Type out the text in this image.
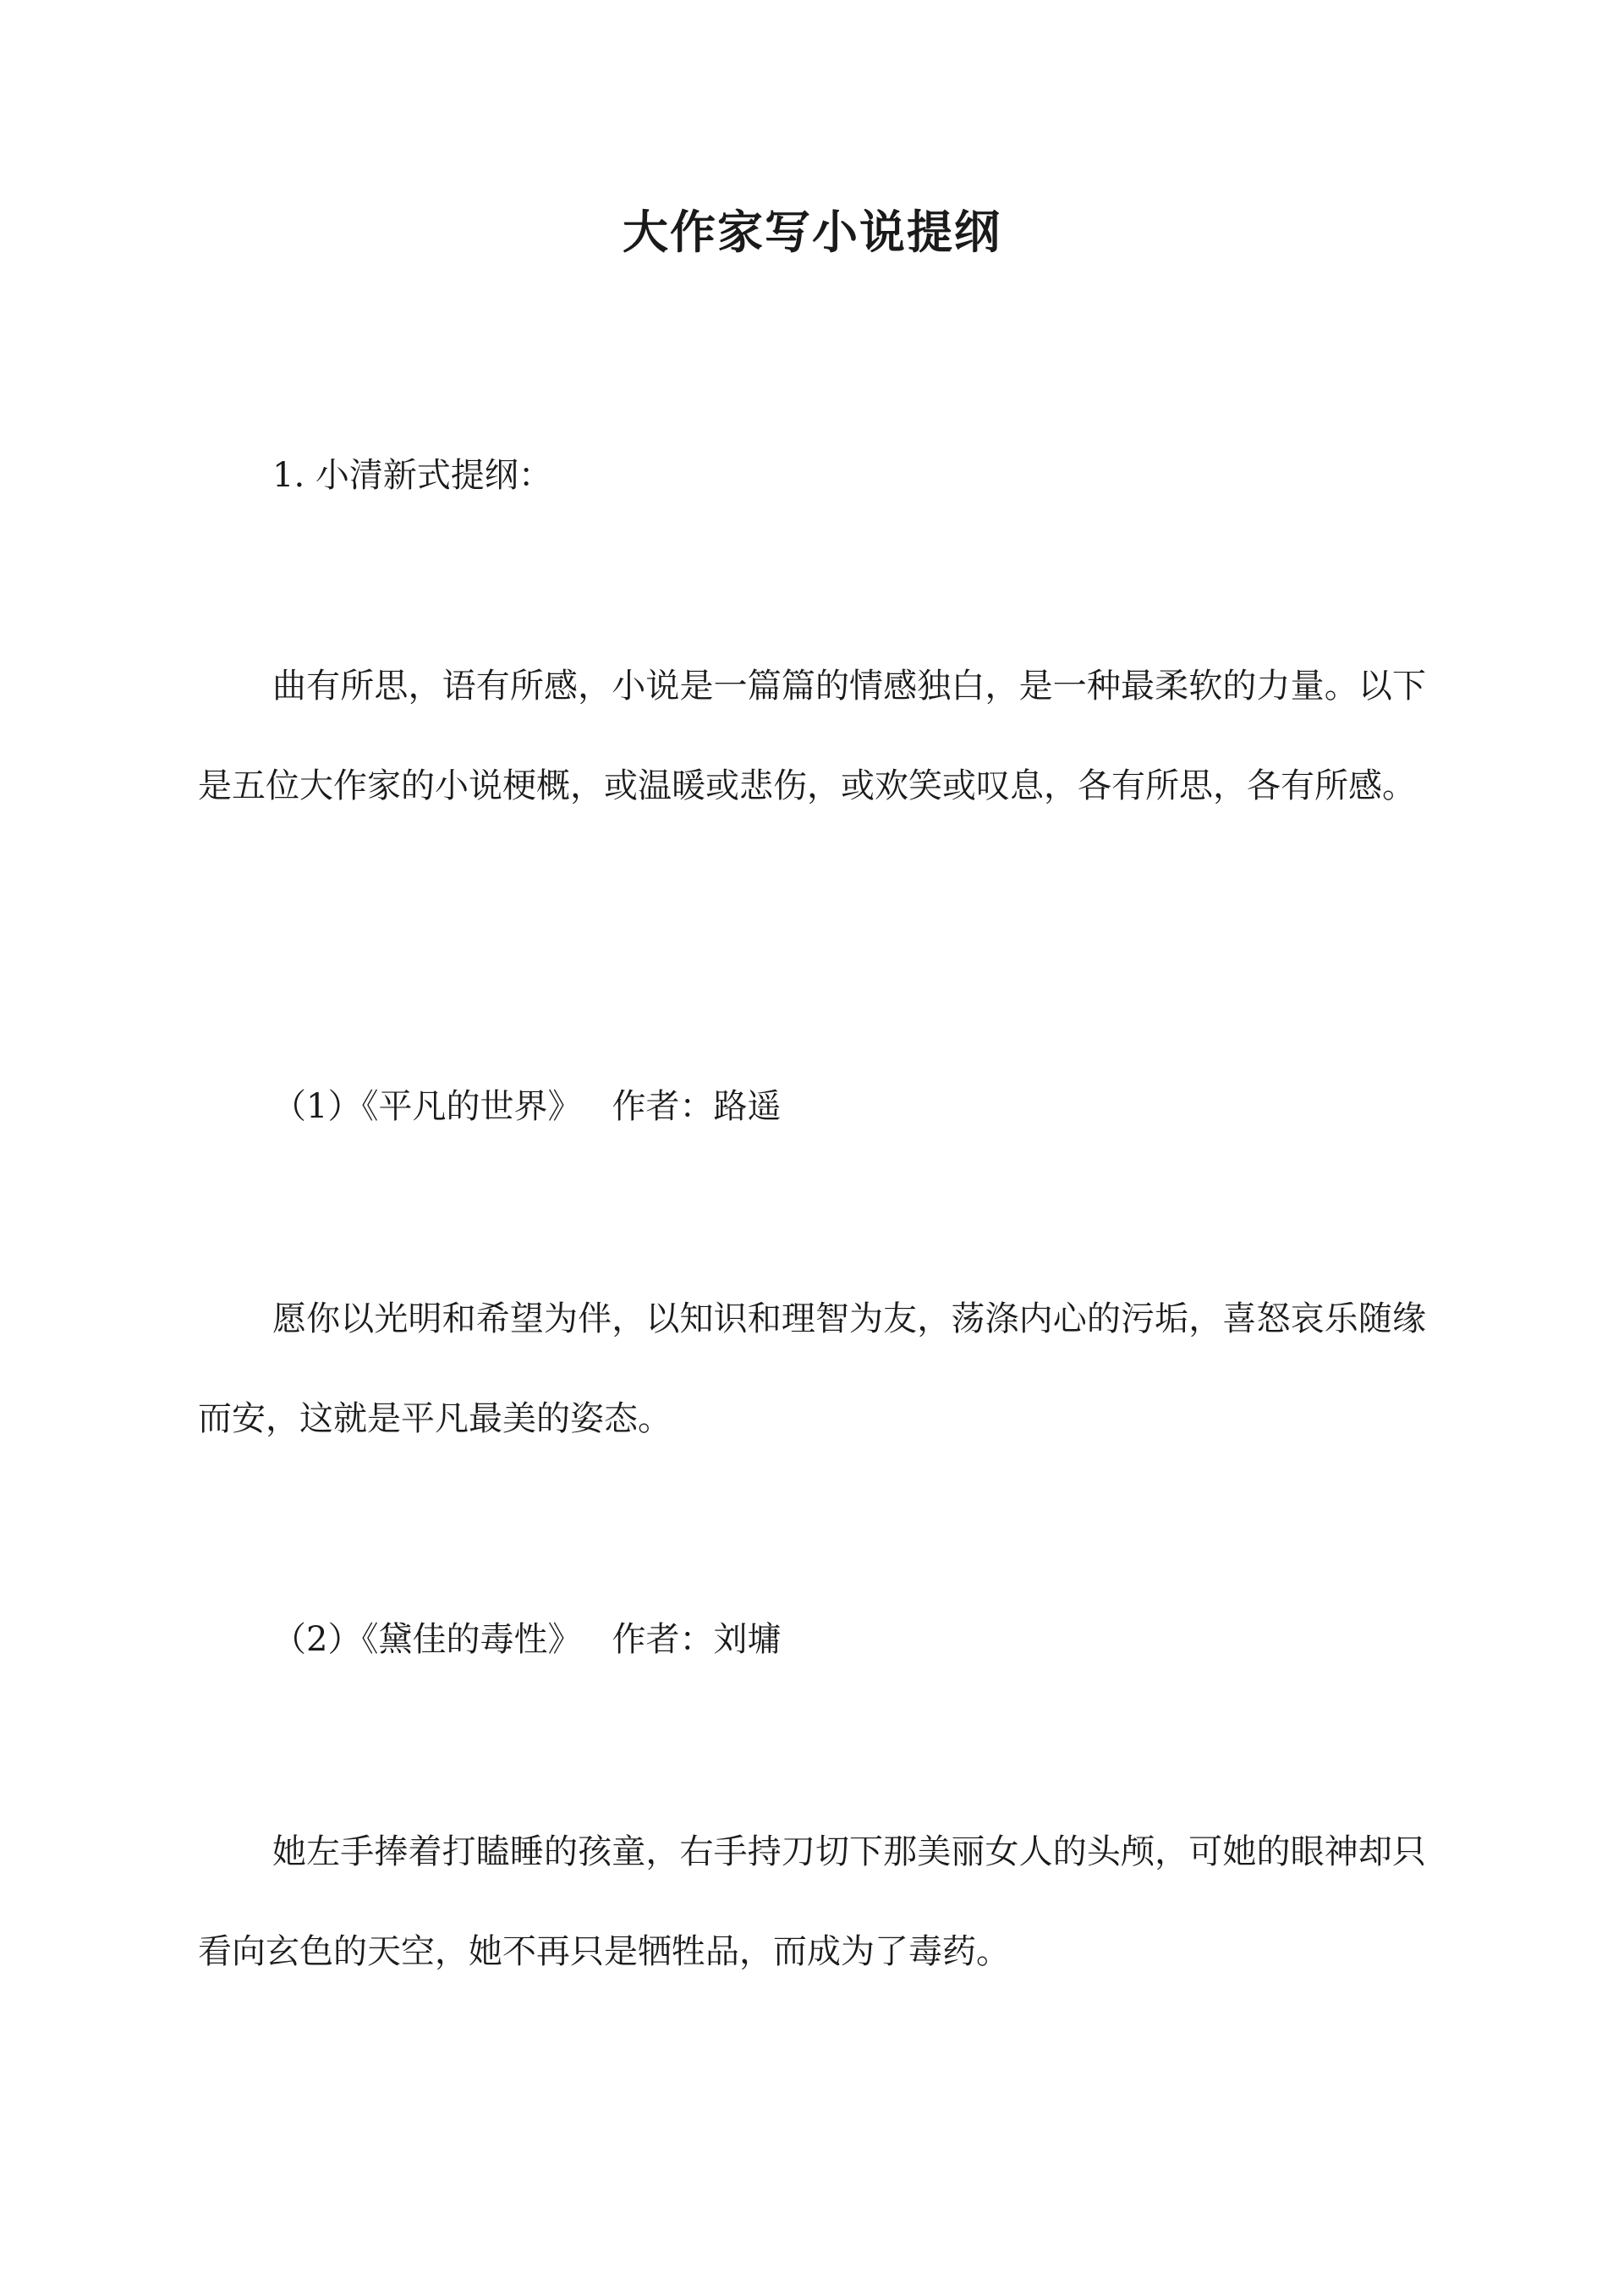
大作家写小说提纲

1. 小清新式提纲：

曲有所思，语有所感，小说是一篇篇的情感独白，是一种最柔软的力量。以下是五位大作家的小说梗概，或温暖或悲伤，或欢笑或叹息，各有所思，各有所感。

（1）《平凡的世界》 作者：路遥

愿你以光明和希望为伴，以知识和理智为友，荡涤内心的污垢，喜怒哀乐随缘而安，这就是平凡最美的姿态。

（2）《黛佳的毒性》 作者：刘墉

她左手捧着打瞌睡的孩童，右手持刀切下那美丽女人的头颅，可她的眼神却只看向玄色的天空，她不再只是牺牲品，而成为了毒药。
